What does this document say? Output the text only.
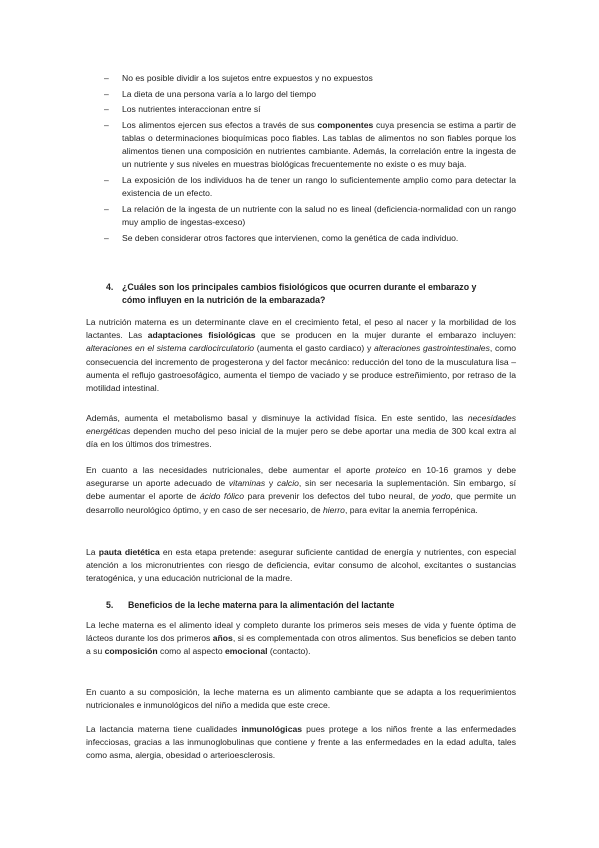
– No es posible dividir a los sujetos entre expuestos y no expuestos
– La dieta de una persona varía a lo largo del tiempo
– Los nutrientes interaccionan entre sí
– Los alimentos ejercen sus efectos a través de sus componentes cuya presencia se estima a partir de tablas o determinaciones bioquímicas poco fiables. Las tablas de alimentos no son fiables porque los alimentos tienen una composición en nutrientes cambiante. Además, la correlación entre la ingesta de un nutriente y sus niveles en muestras biológicas frecuentemente no existe o es muy baja.
– La exposición de los individuos ha de tener un rango lo suficientemente amplio como para detectar la existencia de un efecto.
– La relación de la ingesta de un nutriente con la salud no es lineal (deficiencia-normalidad con un rango muy amplio de ingestas-exceso)
– Se deben considerar otros factores que intervienen, como la genética de cada individuo.
4. ¿Cuáles son los principales cambios fisiológicos que ocurren durante el embarazo y
cómo influyen en la nutrición de la embarazada?

La nutrición materna es un determinante clave en el crecimiento fetal, el peso al nacer y la morbilidad de los lactantes. Las adaptaciones fisiológicas que se producen en la mujer durante el embarazo incluyen: alteraciones en el sistema cardiocirculatorio (aumenta el gasto cardiaco) y alteraciones gastrointestinales, como consecuencia del incremento de progesterona y del factor mecánico: reducción del tono de la musculatura lisa – aumenta el reflujo gastroesofágico, aumenta el tiempo de vaciado y se produce estreñimiento, por retraso de la motilidad intestinal.

Además, aumenta el metabolismo basal y disminuye la actividad física. En este sentido, las necesidades energéticas dependen mucho del peso inicial de la mujer pero se debe aportar una media de 300 kcal extra al día en los últimos dos trimestres.

En cuanto a las necesidades nutricionales, debe aumentar el aporte proteico en 10-16 gramos y debe asegurarse un aporte adecuado de vitaminas y calcio, sin ser necesaria la suplementación. Sin embargo, sí debe aumentar el aporte de ácido fólico para prevenir los defectos del tubo neural, de yodo, que permite un desarrollo neurológico óptimo, y en caso de ser necesario, de hierro, para evitar la anemia ferropénica.

La pauta dietética en esta etapa pretende: asegurar suficiente cantidad de energía y nutrientes, con especial atención a los micronutrientes con riesgo de deficiencia, evitar consumo de alcohol, excitantes o sustancias teratogénica, y una educación nutricional de la madre.

5. Beneficios de la leche materna para la alimentación del lactante

La leche materna es el alimento ideal y completo durante los primeros seis meses de vida y fuente óptima de lácteos durante los dos primeros años, si es complementada con otros alimentos. Sus beneficios se deben tanto a su composición como al aspecto emocional (contacto).

En cuanto a su composición, la leche materna es un alimento cambiante que se adapta a los requerimientos nutricionales e inmunológicos del niño a medida que este crece.

La lactancia materna tiene cualidades inmunológicas pues protege a los niños frente a las enfermedades infecciosas, gracias a las inmunoglobulinas que contiene y frente a las enfermedades en la edad adulta, tales como asma, alergia, obesidad o arterioesclerosis.
